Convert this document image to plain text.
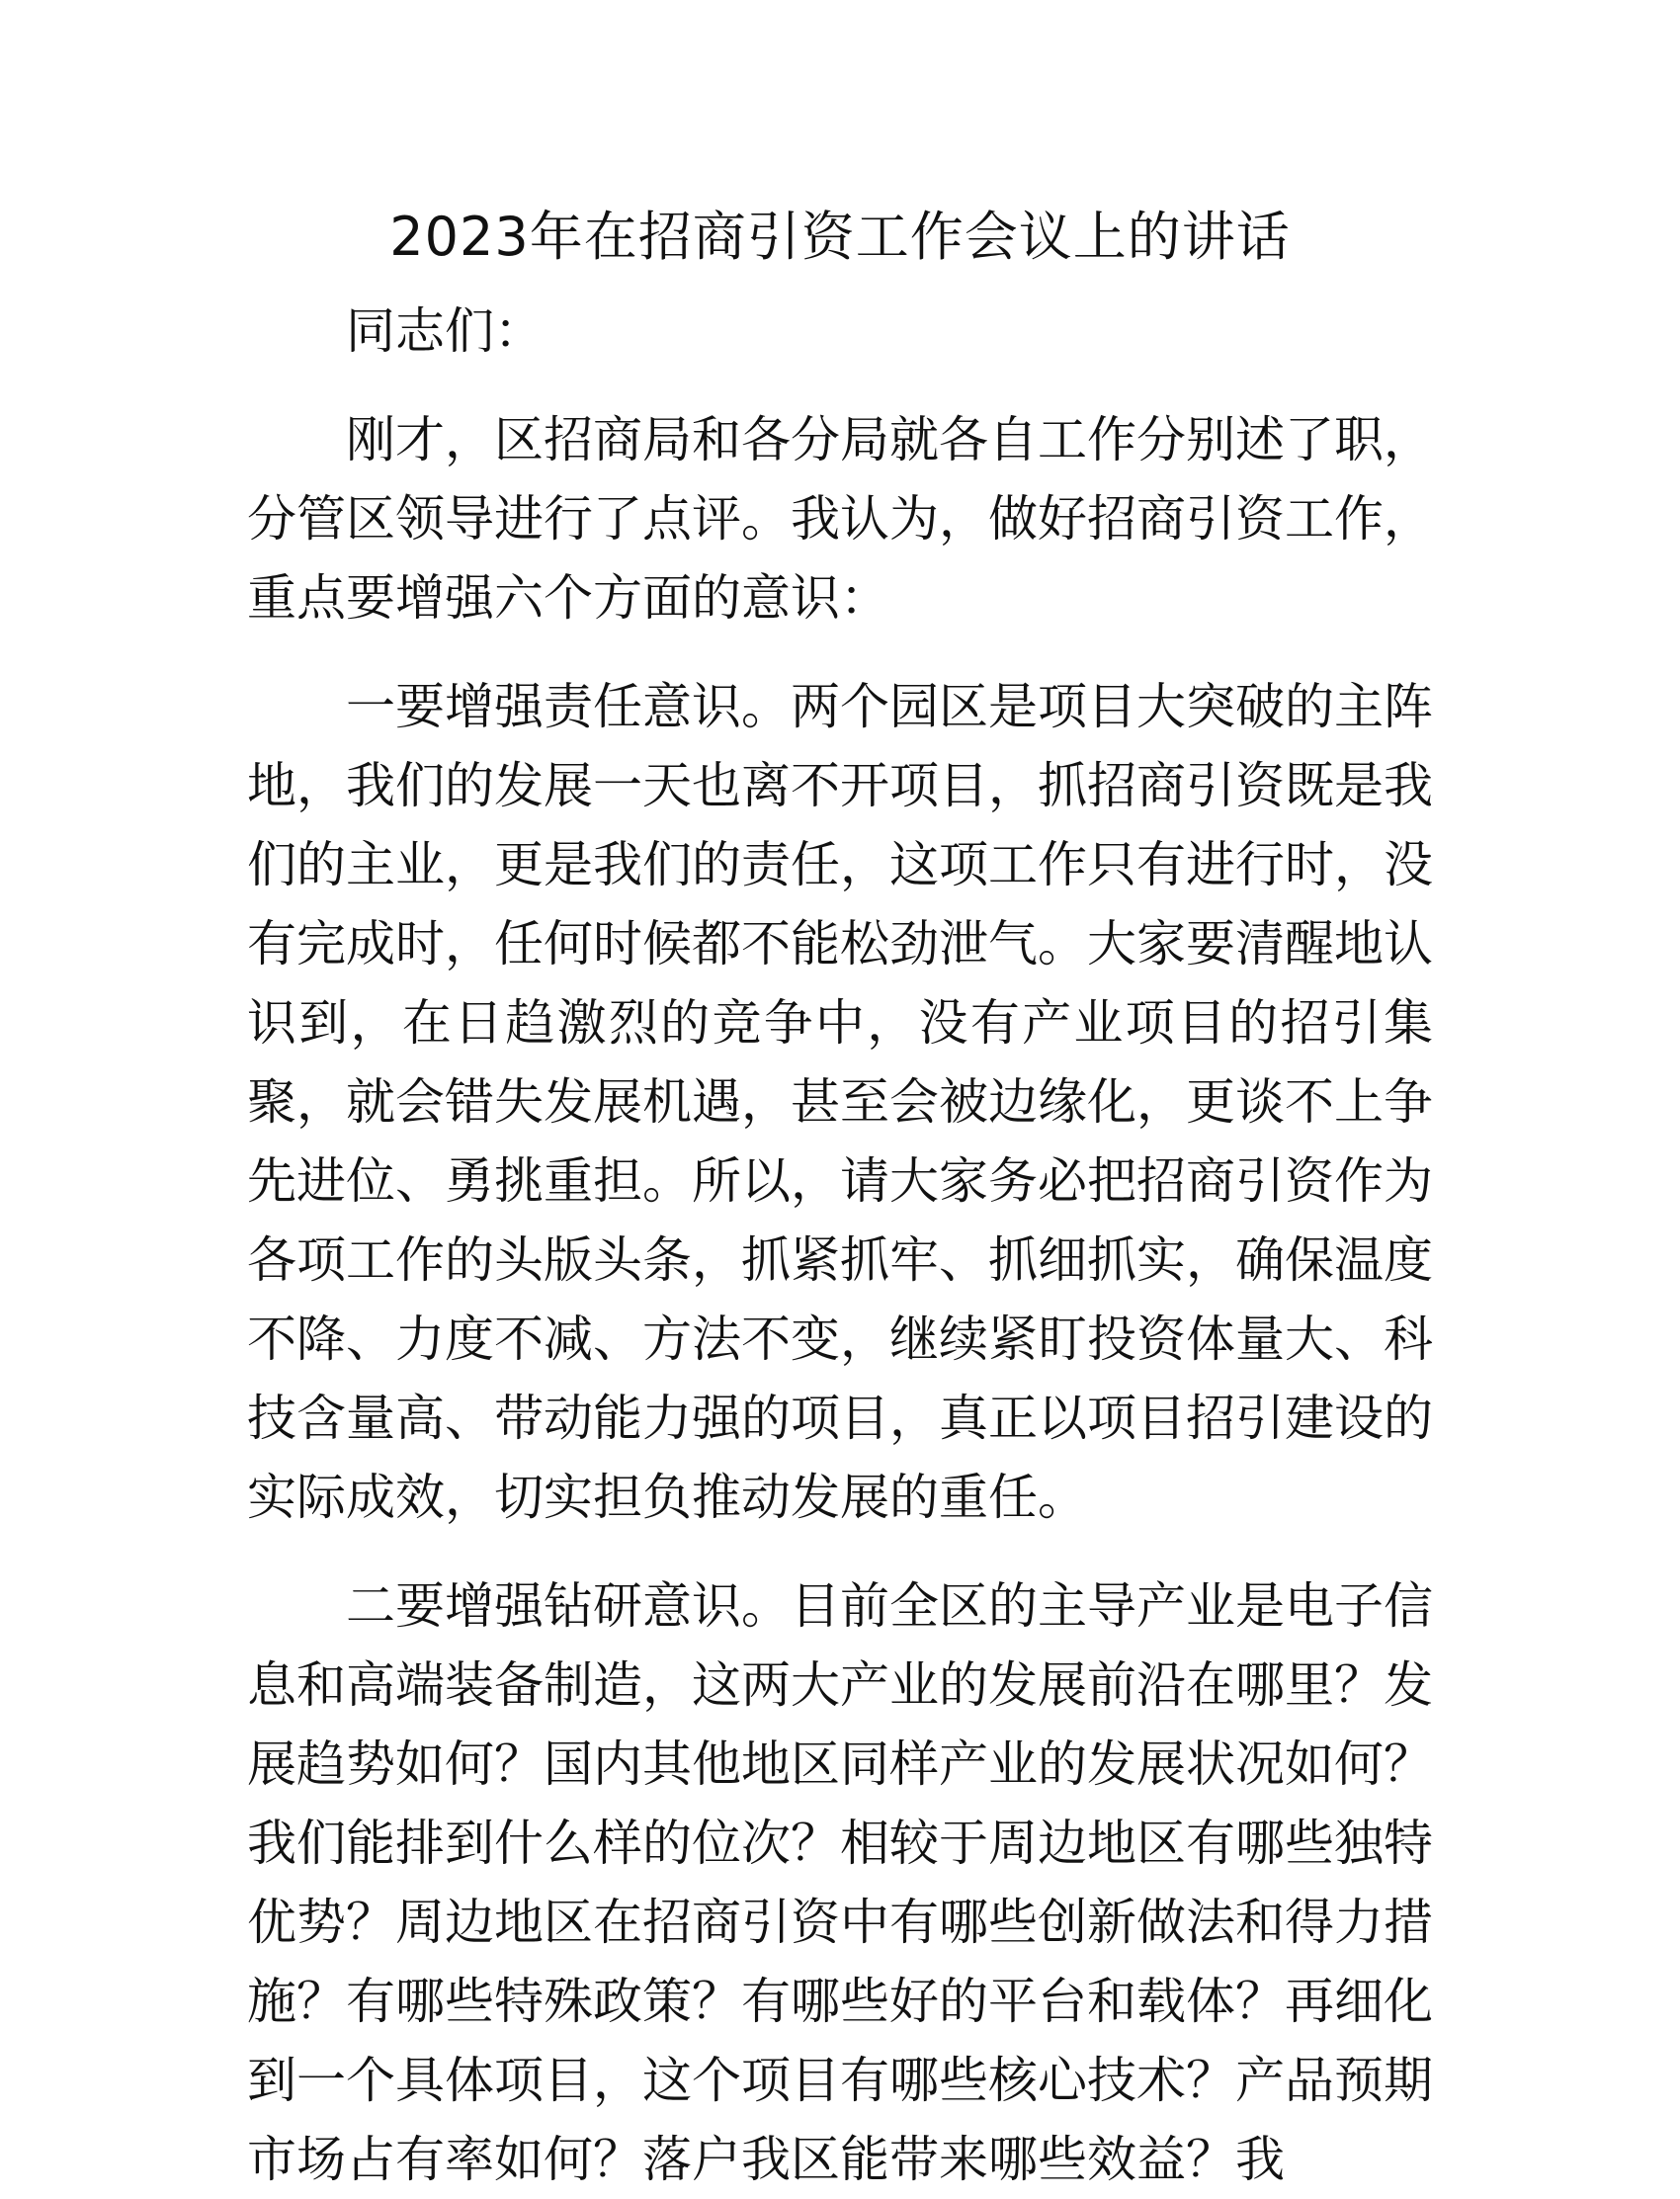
2023年在招商引资工作会议上的讲话

同志们：

刚才，区招商局和各分局就各自工作分别述了职，分管区领导进行了点评。我认为，做好招商引资工作，重点要增强六个方面的意识：

一要增强责任意识。两个园区是项目大突破的主阵地，我们的发展一天也离不开项目，抓招商引资既是我们的主业，更是我们的责任，这项工作只有进行时，没有完成时，任何时候都不能松劲泄气。大家要清醒地认识到，在日趋激烈的竞争中，没有产业项目的招引集聚，就会错失发展机遇，甚至会被边缘化，更谈不上争先进位、勇挑重担。所以，请大家务必把招商引资作为各项工作的头版头条，抓紧抓牢、抓细抓实，确保温度不降、力度不减、方法不变，继续紧盯投资体量大、科技含量高、带动能力强的项目，真正以项目招引建设的实际成效，切实担负推动发展的重任。

二要增强钻研意识。目前全区的主导产业是电子信息和高端装备制造，这两大产业的发展前沿在哪里？发展趋势如何？国内其他地区同样产业的发展状况如何？我们能排到什么样的位次？相较于周边地区有哪些独特优势？周边地区在招商引资中有哪些创新做法和得力措施？有哪些特殊政策？有哪些好的平台和载体？再细化到一个具体项目，这个项目有哪些核心技术？产品预期市场占有率如何？落户我区能带来哪些效益？我
